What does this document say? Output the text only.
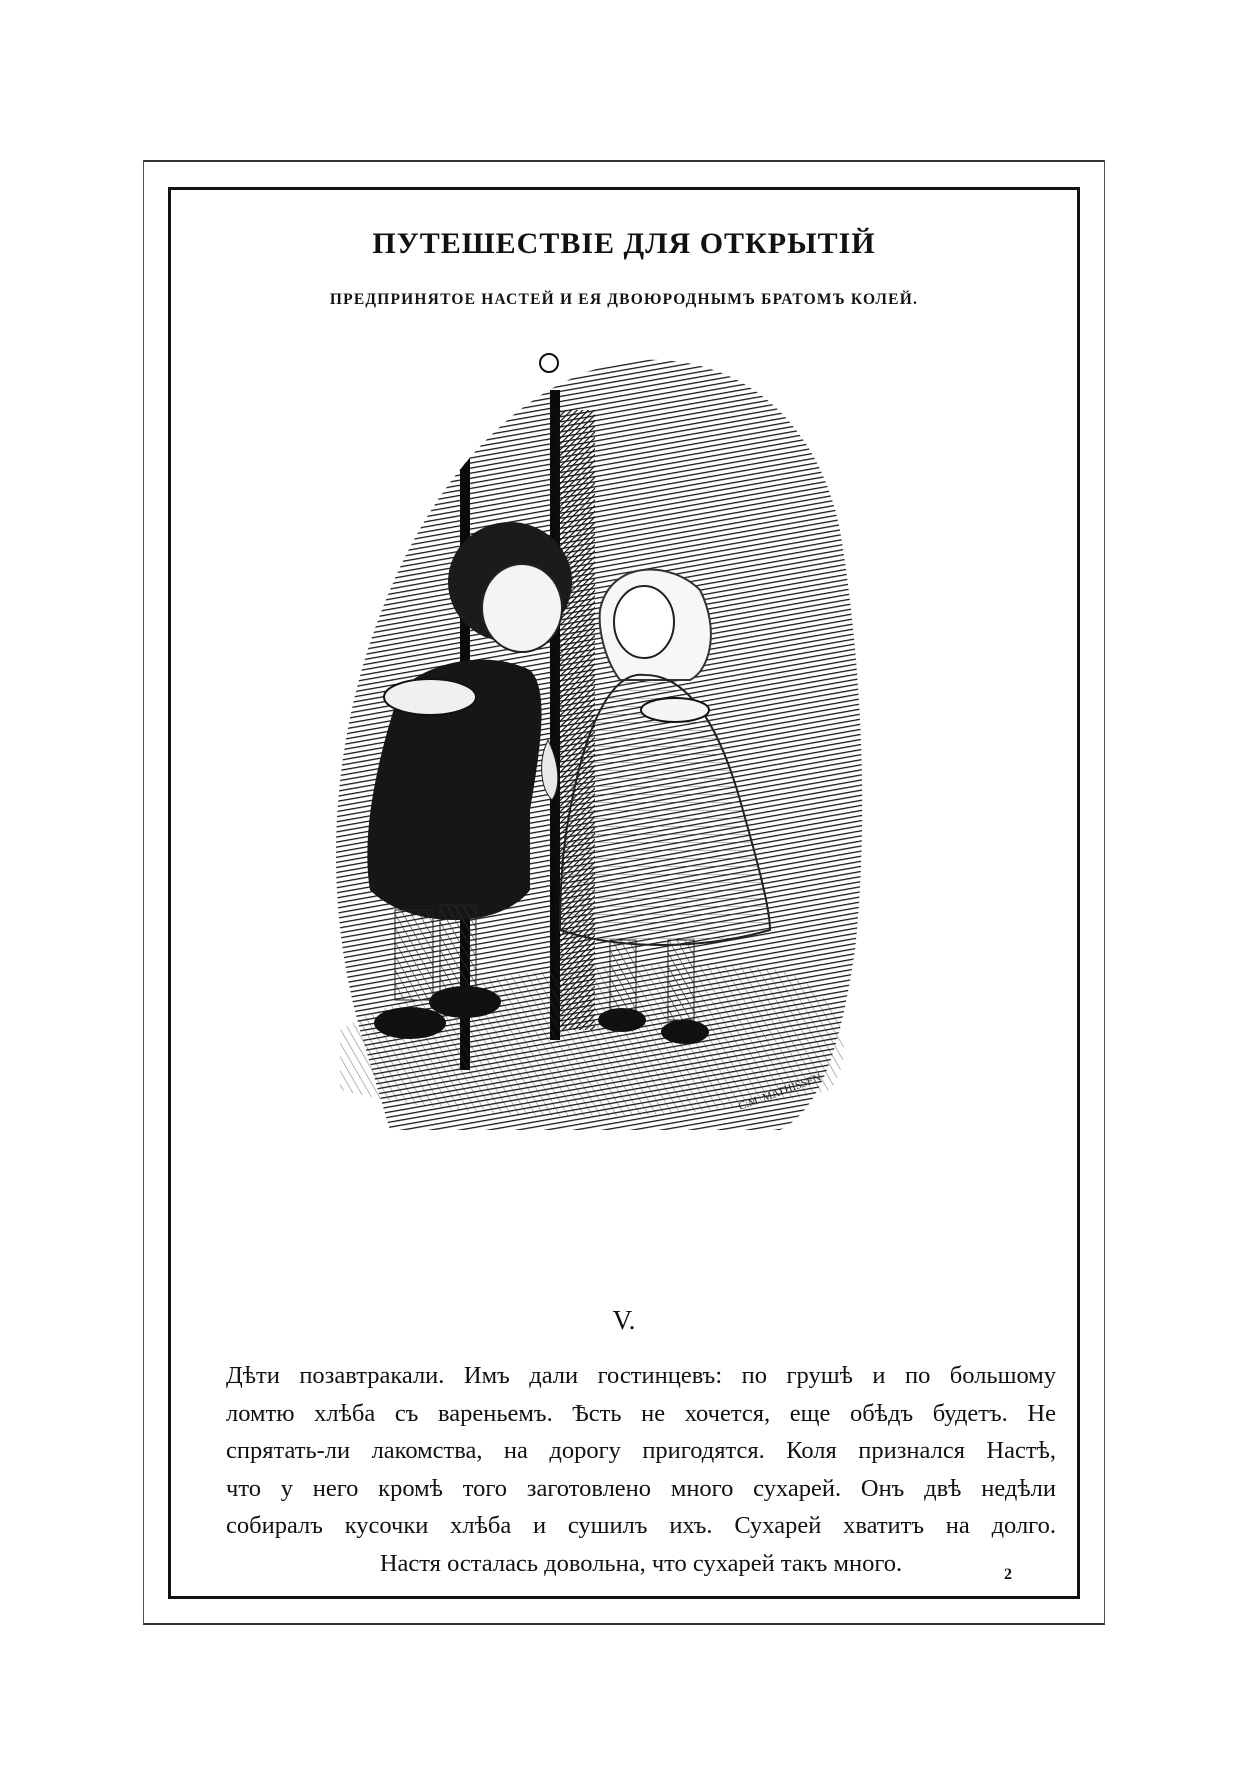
ПУТЕШЕСТВІЕ ДЛЯ ОТКРЫТІЙ
ПРЕДПРИНЯТОЕ НАСТЕЙ И ЕЯ ДВОЮРОДНЫМЪ БРАТОМЪ КОЛЕЙ.
C.M. MATHISSEN
V.
Дѣти позавтракали. Имъ дали гостинцевъ: по грушѣ и по большому
ломтю хлѣба съ вареньемъ. Ѣсть не хочется, еще обѣдъ будетъ. Не
спрятать-ли лакомства, на дорогу пригодятся. Коля признался Настѣ,
что у него кромѣ того заготовлено много сухарей. Онъ двѣ недѣли
собиралъ кусочки хлѣба и сушилъ ихъ. Сухарей хватитъ на долго.
Настя осталась довольна, что сухарей такъ много.	2
